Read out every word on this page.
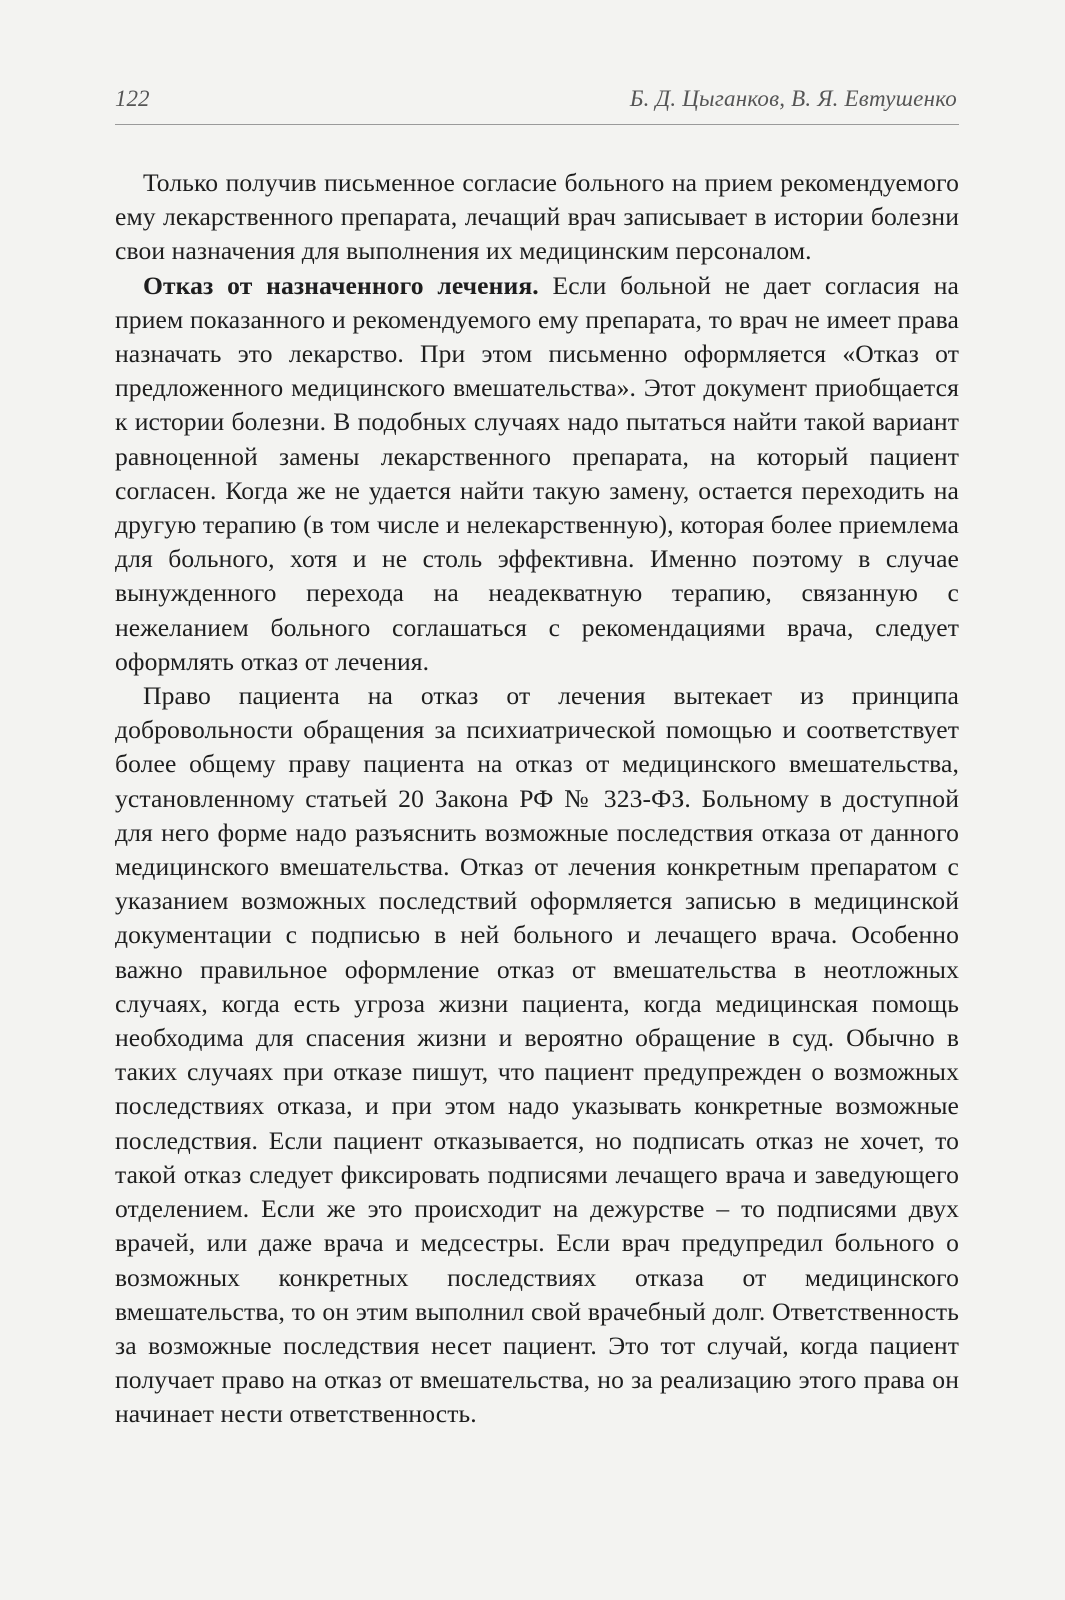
122	Б. Д. Цыганков, В. Я. Евтушенко

Только получив письменное согласие больного на прием рекомендуемого ему лекарственного препарата, лечащий врач записывает в истории болезни свои назначения для выполнения их медицинским персоналом.

Отказ от назначенного лечения. Если больной не дает согласия на прием показанного и рекомендуемого ему препарата, то врач не имеет права назначать это лекарство. При этом письменно оформляется «Отказ от предложенного медицинского вмешательства». Этот документ приобщается к истории болезни. В подобных случаях надо пытаться найти такой вариант равноценной замены лекарственного препарата, на который пациент согласен. Когда же не удается найти такую замену, остается переходить на другую терапию (в том числе и нелекарственную), которая более приемлема для больного, хотя и не столь эффективна. Именно поэтому в случае вынужденного перехода на неадекватную терапию, связанную с нежеланием больного соглашаться с рекомендациями врача, следует оформлять отказ от лечения.

Право пациента на отказ от лечения вытекает из принципа добровольности обращения за психиатрической помощью и соответствует более общему праву пациента на отказ от медицинского вмешательства, установленному статьей 20 Закона РФ № 323-ФЗ. Больному в доступной для него форме надо разъяснить возможные последствия отказа от данного медицинского вмешательства. Отказ от лечения конкретным препаратом с указанием возможных последствий оформляется записью в медицинской документации с подписью в ней больного и лечащего врача. Особенно важно правильное оформление отказ от вмешательства в неотложных случаях, когда есть угроза жизни пациента, когда медицинская помощь необходима для спасения жизни и вероятно обращение в суд. Обычно в таких случаях при отказе пишут, что пациент предупрежден о возможных последствиях отказа, и при этом надо указывать конкретные возможные последствия. Если пациент отказывается, но подписать отказ не хочет, то такой отказ следует фиксировать подписями лечащего врача и заведующего отделением. Если же это происходит на дежурстве – то подписями двух врачей, или даже врача и медсестры. Если врач предупредил больного о возможных конкретных последствиях отказа от медицинского вмешательства, то он этим выполнил свой врачебный долг. Ответственность за возможные последствия несет пациент. Это тот случай, когда пациент получает право на отказ от вмешательства, но за реализацию этого права он начинает нести ответственность.
